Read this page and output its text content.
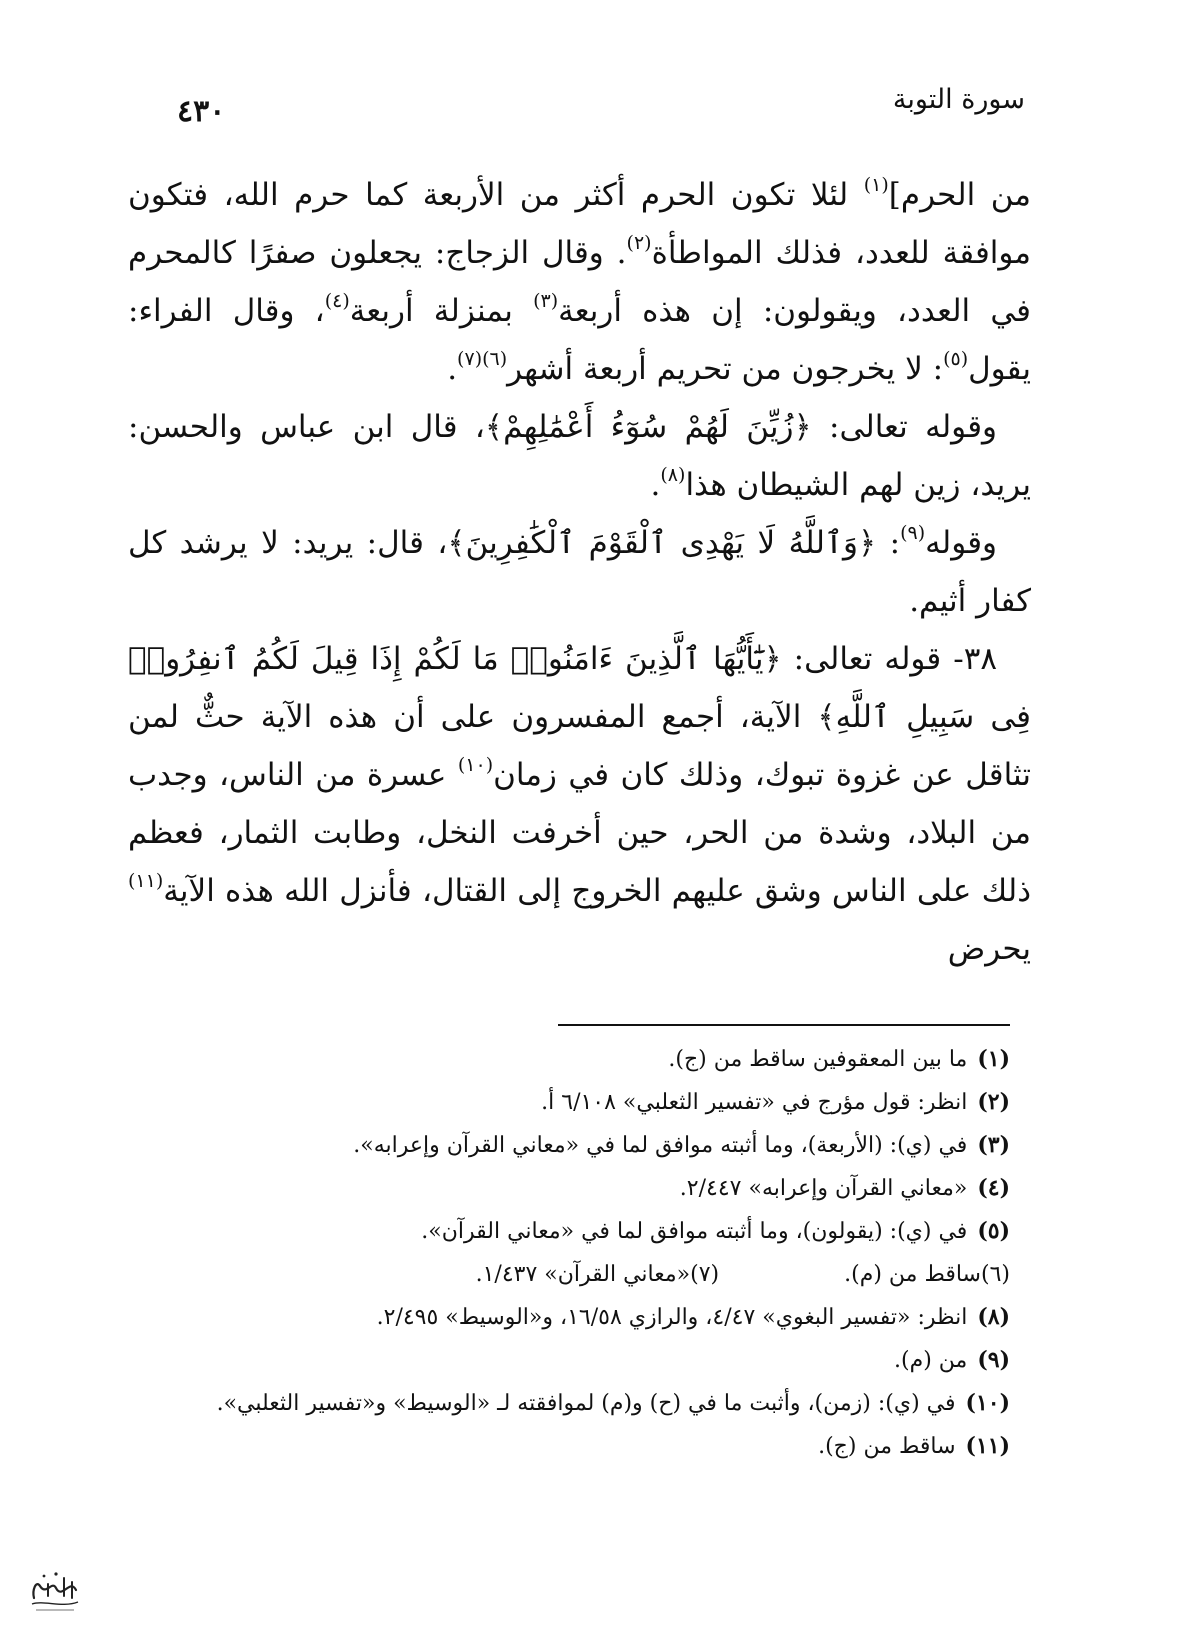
٤٣٠	سورة التوبة

من الحرم]$^{(١)}$ لئلا تكون الحرم أكثر من الأربعة كما حرم الله، فتكون موافقة للعدد، فذلك المواطأة$^{(٢)}$. وقال الزجاج: يجعلون صفرًا كالمحرم في العدد، ويقولون: إن هذه أربعة$^{(٣)}$ بمنزلة أربعة$^{(٤)}$، وقال الفراء: يقول$^{(٥)}$: لا يخرجون من تحريم أربعة أشهر$^{(٦)(٧)}$.

وقوله تعالى: ﴿زُيِّنَ لَهُمْ سُوٓءُ أَعْمَٰلِهِمْ﴾، قال ابن عباس والحسن: يريد، زين لهم الشيطان هذا$^{(٨)}$.

وقوله$^{(٩)}$: ﴿وَٱللَّهُ لَا يَهْدِى ٱلْقَوْمَ ٱلْكَٰفِرِينَ﴾، قال: يريد: لا يرشد كل كفار أثيم.

٣٨- قوله تعالى: ﴿يَٰٓأَيُّهَا ٱلَّذِينَ ءَامَنُوا۟ مَا لَكُمْ إِذَا قِيلَ لَكُمُ ٱنفِرُوا۟ فِى سَبِيلِ ٱللَّهِ﴾ الآية، أجمع المفسرون على أن هذه الآية حثٌّ لمن تثاقل عن غزوة تبوك، وذلك كان في زمان$^{(١٠)}$ عسرة من الناس، وجدب من البلاد، وشدة من الحر، حين أخرفت النخل، وطابت الثمار، فعظم ذلك على الناس وشق عليهم الخروج إلى القتال، فأنزل الله هذه الآية$^{(١١)}$ يحرض

(١)ما بين المعقوفين ساقط من (ج).
(٢)انظر: قول مؤرج في «تفسير الثعلبي» ٦/١٠٨ أ.
(٣)في (ي): (الأربعة)، وما أثبته موافق لما في «معاني القرآن وإعرابه».
(٤)«معاني القرآن وإعرابه» ٢/٤٤٧.
(٥)في (ي): (يقولون)، وما أثبته موافق لما في «معاني القرآن».
(٦)ساقط من (م). (٧)«معاني القرآن» ١/٤٣٧.
(٨)انظر: «تفسير البغوي» ٤/٤٧، والرازي ١٦/٥٨، و«الوسيط» ٢/٤٩٥.
(٩)من (م).
(١٠)في (ي): (زمن)، وأثبت ما في (ح) و(م) لموافقته لـ «الوسيط» و«تفسير الثعلبي».
(١١)ساقط من (ج).
